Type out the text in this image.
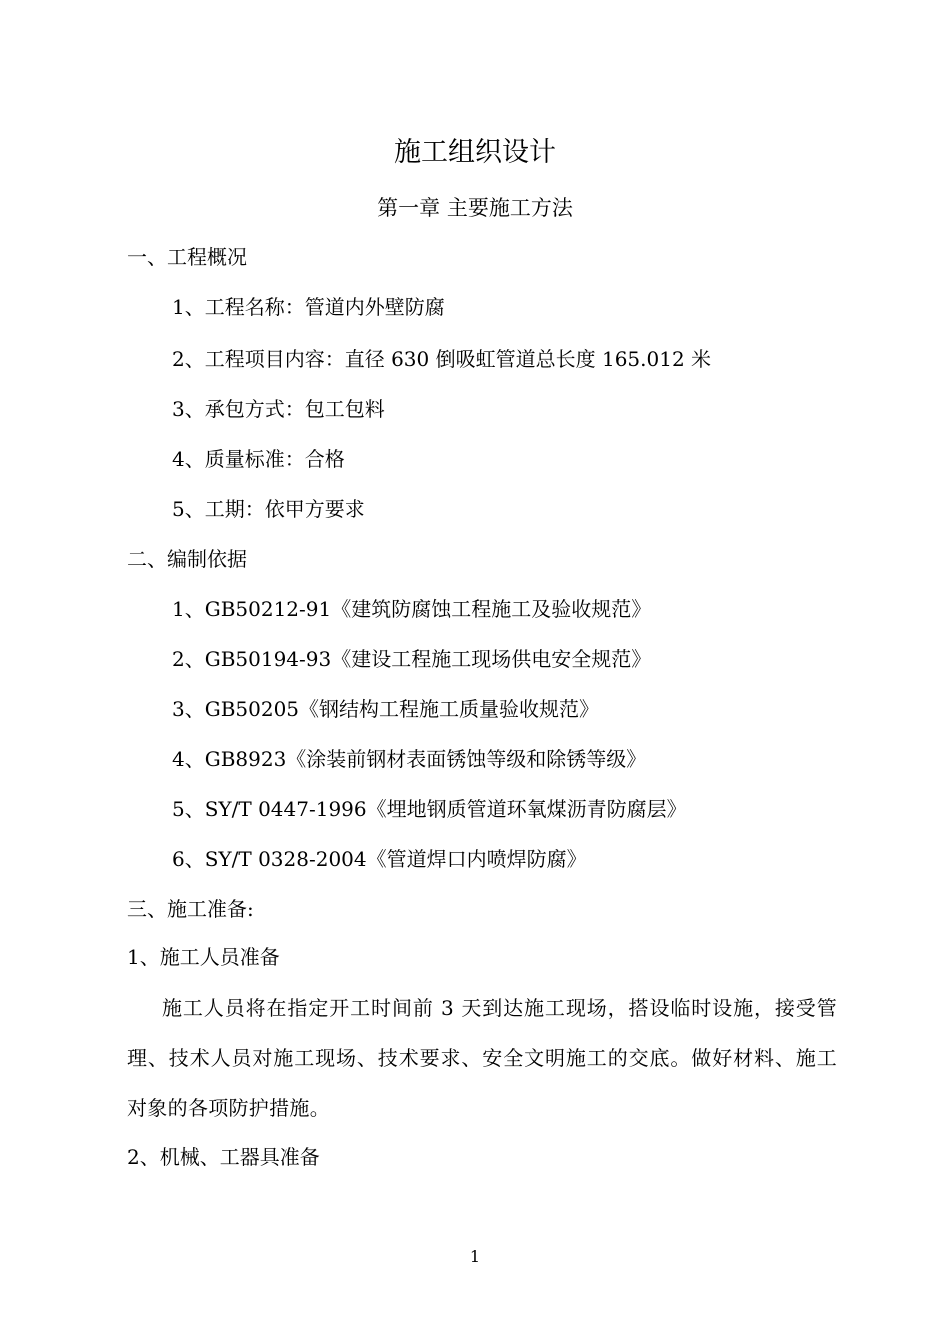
施工组织设计
第一章 主要施工方法
一、工程概况
1、工程名称：管道内外壁防腐
2、工程项目内容：直径 630 倒吸虹管道总长度 165.012 米
3、承包方式：包工包料
4、质量标准：合格
5、工期：依甲方要求
二、编制依据
1、GB50212-91《建筑防腐蚀工程施工及验收规范》
2、GB50194-93《建设工程施工现场供电安全规范》
3、GB50205《钢结构工程施工质量验收规范》
4、GB8923《涂装前钢材表面锈蚀等级和除锈等级》
5、SY/T 0447-1996《埋地钢质管道环氧煤沥青防腐层》
6、SY/T 0328-2004《管道焊口内喷焊防腐》
三、施工准备:
1、施工人员准备
施工人员将在指定开工时间前 3 天到达施工现场，搭设临时设施，接受管理、技术人员对施工现场、技术要求、安全文明施工的交底。做好材料、施工对象的各项防护措施。
2、机械、工器具准备
1
